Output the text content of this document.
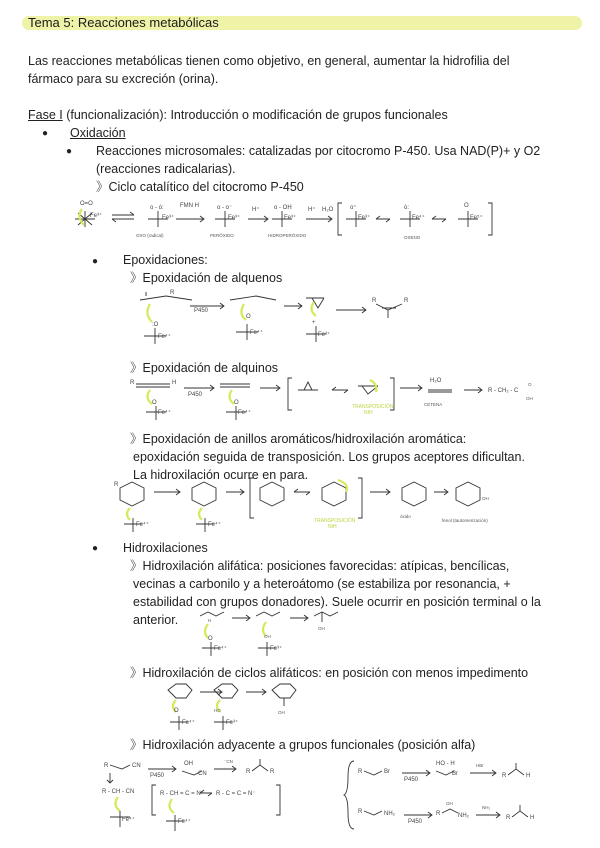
Tema 5: Reacciones metabólicas
Las reacciones metabólicas tienen como objetivo, en general, aumentar la hidrofilia del
fármaco para su excreción (orina).
Fase I (funcionalización): Introducción o modificación de grupos funcionales
● Oxidación
● Reacciones microsomales: catalizadas por citocromo P-450. Usa NAD(P)+ y O2
(reacciones radicalarias).
》Ciclo catalítico del citocromo P-450
O=O
Fe³⁺
o - ȯ:
Fe³⁺
OXO (radical)
FMN H	o - o⁻
Fe³⁺
PERÓXIDO
H⁺ o - OH
Fe³⁺
HIDROPERÓXIDO
H⁺ H₂O	o⁺
Fe³⁺
ȯ:
Fe⁴⁺
OXENO
O
Fe⁵⁺
● Epoxidaciones:
》Epoxidación de alquenos
R
:O
Fe⁴⁺
P450
O
Fe⁴⁺
+
Fe³⁺
R	R
》Epoxidación de alquinos
R	H
O
Fe⁴⁺
P450
O
Fe⁴⁺
TRANSPOSICIÓN
NIH
H₂O
CETENA
R - CH₂ - C
O
OH
》Epoxidación de anillos aromáticos/hidroxilación aromática:
epoxidación seguida de transposición. Los grupos aceptores dificultan.
La hidroxilación ocurre en para.
R
Fe⁴⁺	Fe⁴⁺
TRANSPOSICIÓN
NIH
óxido
OH
fenol (tautomerización)
● Hidroxilaciones
》Hidroxilación alifática: posiciones favorecidas: atípicas, bencílicas,
vecinas a carbonilo y a heteroátomo (se estabiliza por resonancia, +
estabilidad con grupos donadores). Suele ocurrir en posición terminal o la
anterior.	H
O
Fe⁴⁺
OH
Fe³⁺
OH
》Hidroxilación de ciclos alifáticos: en posición con menos impedimento
O
Fe⁴⁺
HO
Fe³⁺
OH
》Hidroxilación adyacente a grupos funcionales (posición alfa)
R	CN
R - CH - CN
Fe⁴⁺
P450
OH
CN
⁻CN
R	R
R - CH = C = N⁻
Fe⁴⁺
R - C = C = N⁻
R	Br
P450
HO - H
Br
HBr
R	H
R	NH₂
P450
R
OH
NH₂
NH₂
R	H
